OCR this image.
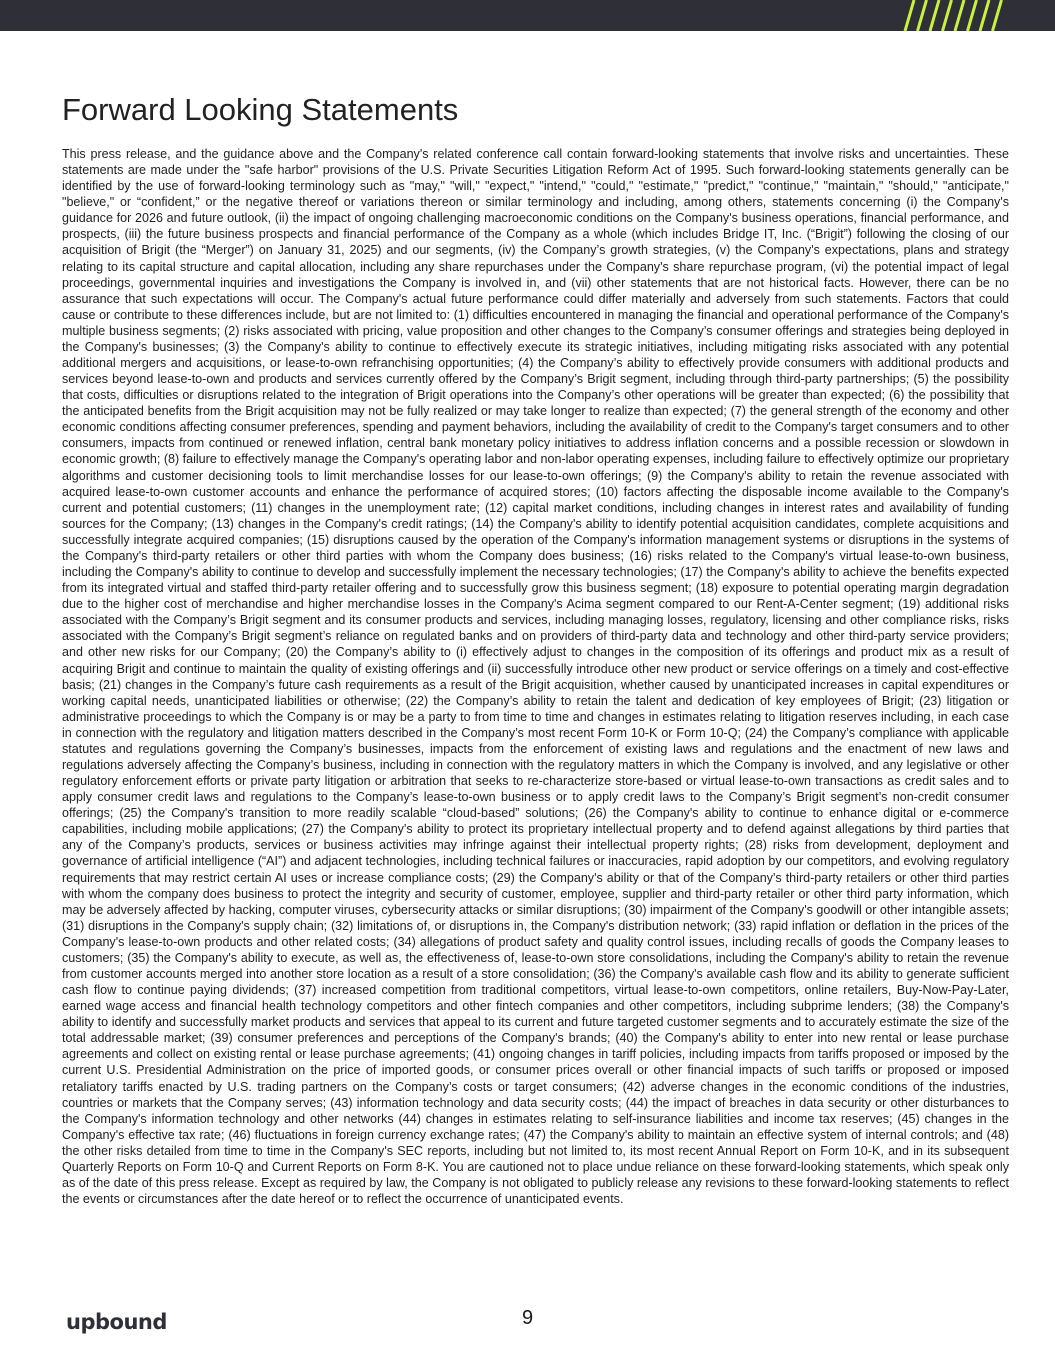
Forward Looking Statements

This press release, and the guidance above and the Company's related conference call contain forward-looking statements that involve risks and uncertainties. These statements are made under the "safe harbor" provisions of the U.S. Private Securities Litigation Reform Act of 1995. Such forward-looking statements generally can be identified by the use of forward-looking terminology such as "may," "will," "expect," "intend," "could," "estimate," "predict," "continue," "maintain," "should," "anticipate," "believe," or “confident,” or the negative thereof or variations thereon or similar terminology and including, among others, statements concerning (i) the Company's guidance for 2026 and future outlook, (ii) the impact of ongoing challenging macroeconomic conditions on the Company's business operations, financial performance, and prospects, (iii) the future business prospects and financial performance of the Company as a whole (which includes Bridge IT, Inc. (“Brigit”) following the closing of our acquisition of Brigit (the “Merger”) on January 31, 2025) and our segments, (iv) the Company’s growth strategies, (v) the Company's expectations, plans and strategy relating to its capital structure and capital allocation, including any share repurchases under the Company's share repurchase program, (vi) the potential impact of legal proceedings, governmental inquiries and investigations the Company is involved in, and (vii) other statements that are not historical facts. However, there can be no assurance that such expectations will occur. The Company's actual future performance could differ materially and adversely from such statements. Factors that could cause or contribute to these differences include, but are not limited to: (1) difficulties encountered in managing the financial and operational performance of the Company's multiple business segments; (2) risks associated with pricing, value proposition and other changes to the Company’s consumer offerings and strategies being deployed in the Company's businesses; (3) the Company's ability to continue to effectively execute its strategic initiatives, including mitigating risks associated with any potential additional mergers and acquisitions, or lease-to-own refranchising opportunities; (4) the Company’s ability to effectively provide consumers with additional products and services beyond lease-to-own and products and services currently offered by the Company’s Brigit segment, including through third-party partnerships; (5) the possibility that costs, difficulties or disruptions related to the integration of Brigit operations into the Company’s other operations will be greater than expected; (6) the possibility that the anticipated benefits from the Brigit acquisition may not be fully realized or may take longer to realize than expected; (7) the general strength of the economy and other economic conditions affecting consumer preferences, spending and payment behaviors, including the availability of credit to the Company's target consumers and to other consumers, impacts from continued or renewed inflation, central bank monetary policy initiatives to address inflation concerns and a possible recession or slowdown in economic growth; (8) failure to effectively manage the Company's operating labor and non-labor operating expenses, including failure to effectively optimize our proprietary algorithms and customer decisioning tools to limit merchandise losses for our lease-to-own offerings; (9) the Company's ability to retain the revenue associated with acquired lease-to-own customer accounts and enhance the performance of acquired stores; (10) factors affecting the disposable income available to the Company's current and potential customers; (11) changes in the unemployment rate; (12) capital market conditions, including changes in interest rates and availability of funding sources for the Company; (13) changes in the Company's credit ratings; (14) the Company's ability to identify potential acquisition candidates, complete acquisitions and successfully integrate acquired companies; (15) disruptions caused by the operation of the Company's information management systems or disruptions in the systems of the Company's third-party retailers or other third parties with whom the Company does business; (16) risks related to the Company's virtual lease-to-own business, including the Company's ability to continue to develop and successfully implement the necessary technologies; (17) the Company's ability to achieve the benefits expected from its integrated virtual and staffed third-party retailer offering and to successfully grow this business segment; (18) exposure to potential operating margin degradation due to the higher cost of merchandise and higher merchandise losses in the Company's Acima segment compared to our Rent-A-Center segment; (19) additional risks associated with the Company’s Brigit segment and its consumer products and services, including managing losses, regulatory, licensing and other compliance risks, risks associated with the Company’s Brigit segment’s reliance on regulated banks and on providers of third-party data and technology and other third-party service providers; and other new risks for our Company; (20) the Company’s ability to (i) effectively adjust to changes in the composition of its offerings and product mix as a result of acquiring Brigit and continue to maintain the quality of existing offerings and (ii) successfully introduce other new product or service offerings on a timely and cost-effective basis; (21) changes in the Company’s future cash requirements as a result of the Brigit acquisition, whether caused by unanticipated increases in capital expenditures or working capital needs, unanticipated liabilities or otherwise; (22) the Company’s ability to retain the talent and dedication of key employees of Brigit; (23) litigation or administrative proceedings to which the Company is or may be a party to from time to time and changes in estimates relating to litigation reserves including, in each case in connection with the regulatory and litigation matters described in the Company’s most recent Form 10-K or Form 10-Q; (24) the Company’s compliance with applicable statutes and regulations governing the Company’s businesses, impacts from the enforcement of existing laws and regulations and the enactment of new laws and regulations adversely affecting the Company’s business, including in connection with the regulatory matters in which the Company is involved, and any legislative or other regulatory enforcement efforts or private party litigation or arbitration that seeks to re-characterize store-based or virtual lease-to-own transactions as credit sales and to apply consumer credit laws and regulations to the Company’s lease-to-own business or to apply credit laws to the Company’s Brigit segment’s non-credit consumer offerings; (25) the Company's transition to more readily scalable “cloud-based” solutions; (26) the Company's ability to continue to enhance digital or e-commerce capabilities, including mobile applications; (27) the Company's ability to protect its proprietary intellectual property and to defend against allegations by third parties that any of the Company’s products, services or business activities may infringe against their intellectual property rights; (28) risks from development, deployment and governance of artificial intelligence (“AI”) and adjacent technologies, including technical failures or inaccuracies, rapid adoption by our competitors, and evolving regulatory requirements that may restrict certain AI uses or increase compliance costs; (29) the Company's ability or that of the Company's third-party retailers or other third parties with whom the company does business to protect the integrity and security of customer, employee, supplier and third-party retailer or other third party information, which may be adversely affected by hacking, computer viruses, cybersecurity attacks or similar disruptions; (30) impairment of the Company's goodwill or other intangible assets; (31) disruptions in the Company's supply chain; (32) limitations of, or disruptions in, the Company's distribution network; (33) rapid inflation or deflation in the prices of the Company's lease-to-own products and other related costs; (34) allegations of product safety and quality control issues, including recalls of goods the Company leases to customers; (35) the Company's ability to execute, as well as, the effectiveness of, lease-to-own store consolidations, including the Company's ability to retain the revenue from customer accounts merged into another store location as a result of a store consolidation; (36) the Company's available cash flow and its ability to generate sufficient cash flow to continue paying dividends; (37) increased competition from traditional competitors, virtual lease-to-own competitors, online retailers, Buy-Now-Pay-Later, earned wage access and financial health technology competitors and other fintech companies and other competitors, including subprime lenders; (38) the Company's ability to identify and successfully market products and services that appeal to its current and future targeted customer segments and to accurately estimate the size of the total addressable market; (39) consumer preferences and perceptions of the Company's brands; (40) the Company's ability to enter into new rental or lease purchase agreements and collect on existing rental or lease purchase agreements; (41) ongoing changes in tariff policies, including impacts from tariffs proposed or imposed by the current U.S. Presidential Administration on the price of imported goods, or consumer prices overall or other financial impacts of such tariffs or proposed or imposed retaliatory tariffs enacted by U.S. trading partners on the Company’s costs or target consumers; (42) adverse changes in the economic conditions of the industries, countries or markets that the Company serves; (43) information technology and data security costs; (44) the impact of breaches in data security or other disturbances to the Company's information technology and other networks (44) changes in estimates relating to self-insurance liabilities and income tax reserves; (45) changes in the Company's effective tax rate; (46) fluctuations in foreign currency exchange rates; (47) the Company's ability to maintain an effective system of internal controls; and (48) the other risks detailed from time to time in the Company's SEC reports, including but not limited to, its most recent Annual Report on Form 10-K, and in its subsequent Quarterly Reports on Form 10-Q and Current Reports on Form 8-K. You are cautioned not to place undue reliance on these forward-looking statements, which speak only as of the date of this press release. Except as required by law, the Company is not obligated to publicly release any revisions to these forward-looking statements to reflect the events or circumstances after the date hereof or to reflect the occurrence of unanticipated events.

upbound	9
